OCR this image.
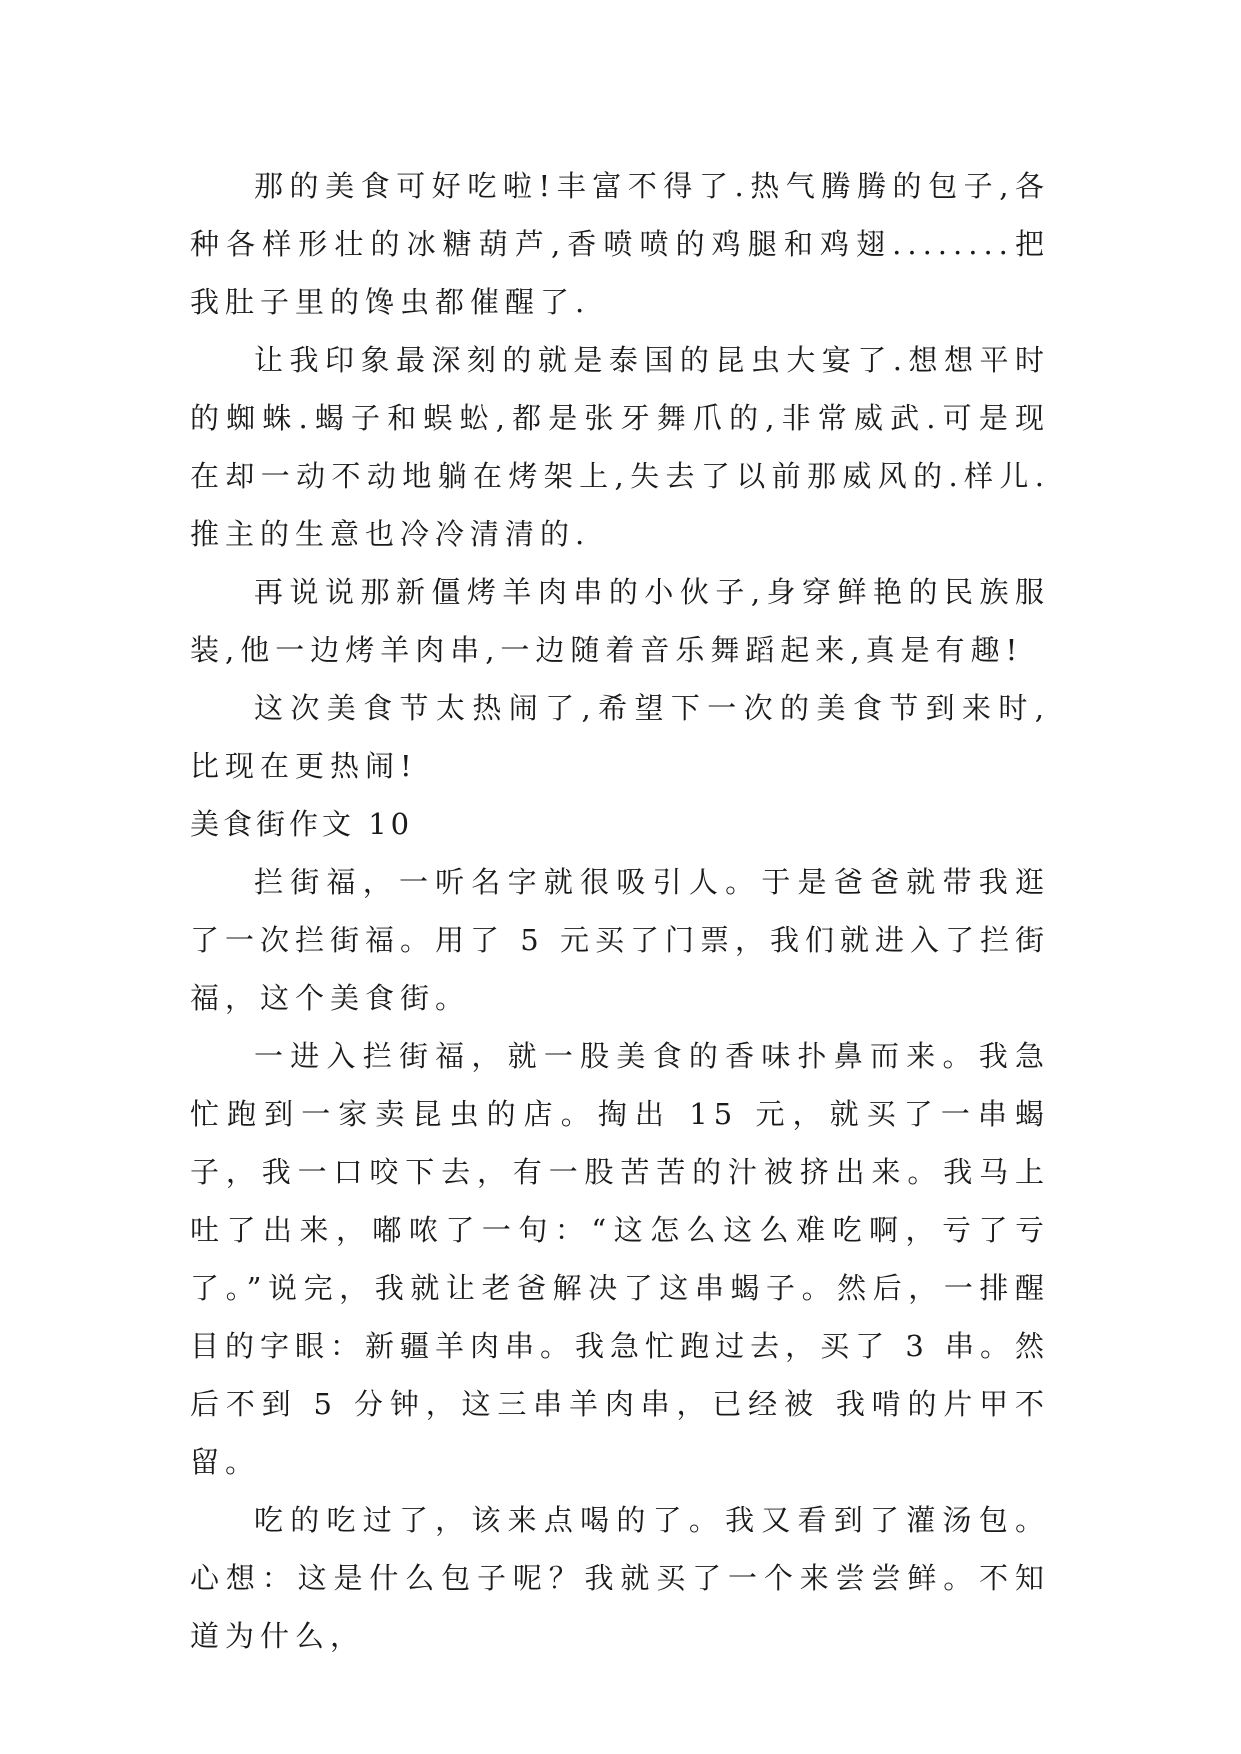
那的美食可好吃啦!丰富不得了.热气腾腾的包子,各种各样形壮的冰糖葫芦,香喷喷的鸡腿和鸡翅........把我肚子里的馋虫都催醒了.

让我印象最深刻的就是泰国的昆虫大宴了.想想平时的蜘蛛.蝎子和蜈蚣,都是张牙舞爪的,非常威武.可是现在却一动不动地躺在烤架上,失去了以前那威风的.样儿.推主的生意也冷冷清清的.

再说说那新僵烤羊肉串的小伙子,身穿鲜艳的民族服装,他一边烤羊肉串,一边随着音乐舞蹈起来,真是有趣!

这次美食节太热闹了,希望下一次的美食节到来时,比现在更热闹!

美食街作文 10

拦街福，一听名字就很吸引人。于是爸爸就带我逛了一次拦街福。用了 5 元买了门票，我们就进入了拦街福，这个美食街。

一进入拦街福，就一股美食的香味扑鼻而来。我急忙跑到一家卖昆虫的店。掏出 15 元，就买了一串蝎子，我一口咬下去，有一股苦苦的汁被挤出来。我马上吐了出来，嘟哝了一句：“这怎么这么难吃啊，亏了亏了。”说完，我就让老爸解决了这串蝎子。然后，一排醒目的字眼：新疆羊肉串。我急忙跑过去，买了 3 串。然后不到 5 分钟，这三串羊肉串，已经被 我啃的片甲不留。

吃的吃过了，该来点喝的了。我又看到了灌汤包。心想：这是什么包子呢？我就买了一个来尝尝鲜。不知道为什么，
